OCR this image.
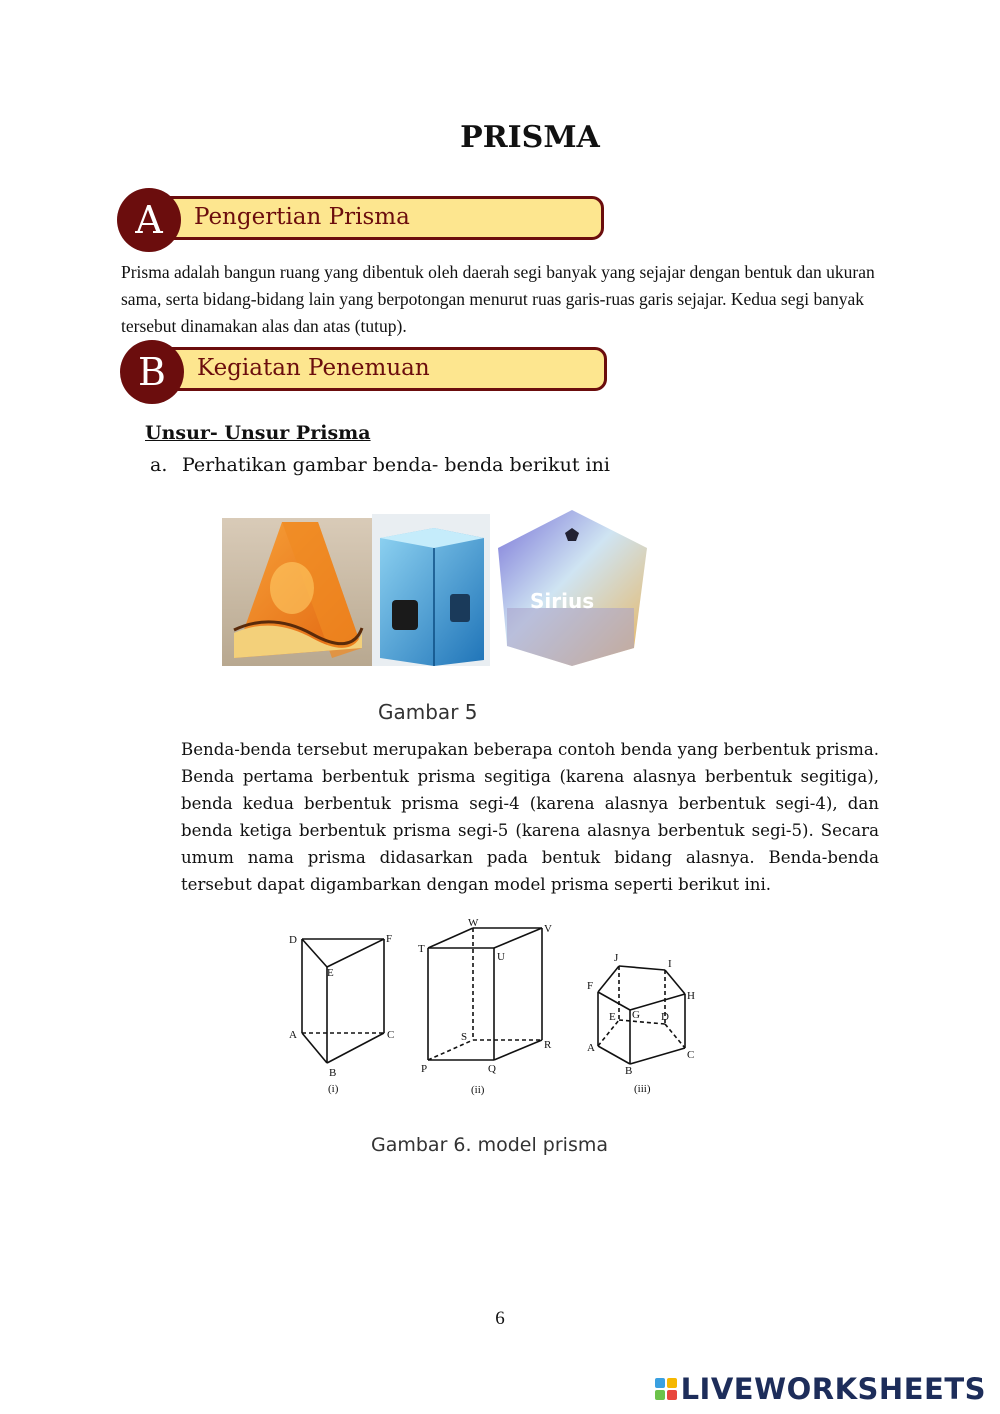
PRISMA
A	Pengertian Prisma
Prisma adalah bangun ruang yang dibentuk oleh daerah segi banyak yang sejajar dengan bentuk dan ukuran sama, serta bidang-bidang lain yang berpotongan menurut ruas garis-ruas garis sejajar. Kedua segi banyak tersebut dinamakan alas dan atas (tutup).
B	Kegiatan Penemuan
Unsur- Unsur Prisma
a. Perhatikan gambar benda- benda berikut ini
Sirius
Gambar 5
Benda-benda tersebut merupakan beberapa contoh benda yang berbentuk prisma. Benda pertama berbentuk prisma segitiga (karena alasnya berbentuk segitiga), benda kedua berbentuk prisma segi-4 (karena alasnya berbentuk segi-4), dan benda ketiga berbentuk prisma segi-5 (karena alasnya berbentuk segi-5). Secara umum nama prisma didasarkan pada bentuk bidang alasnya. Benda-benda tersebut dapat digambarkan dengan model prisma seperti berikut ini.
D	F
E
A	C
B
(i)
W	V
T
U
S
R
P	Q
(ii)
J	I
F
H
E G D
A
C
B
(iii)
Gambar 6. model prisma
6
LIVEWORKSHEETS
